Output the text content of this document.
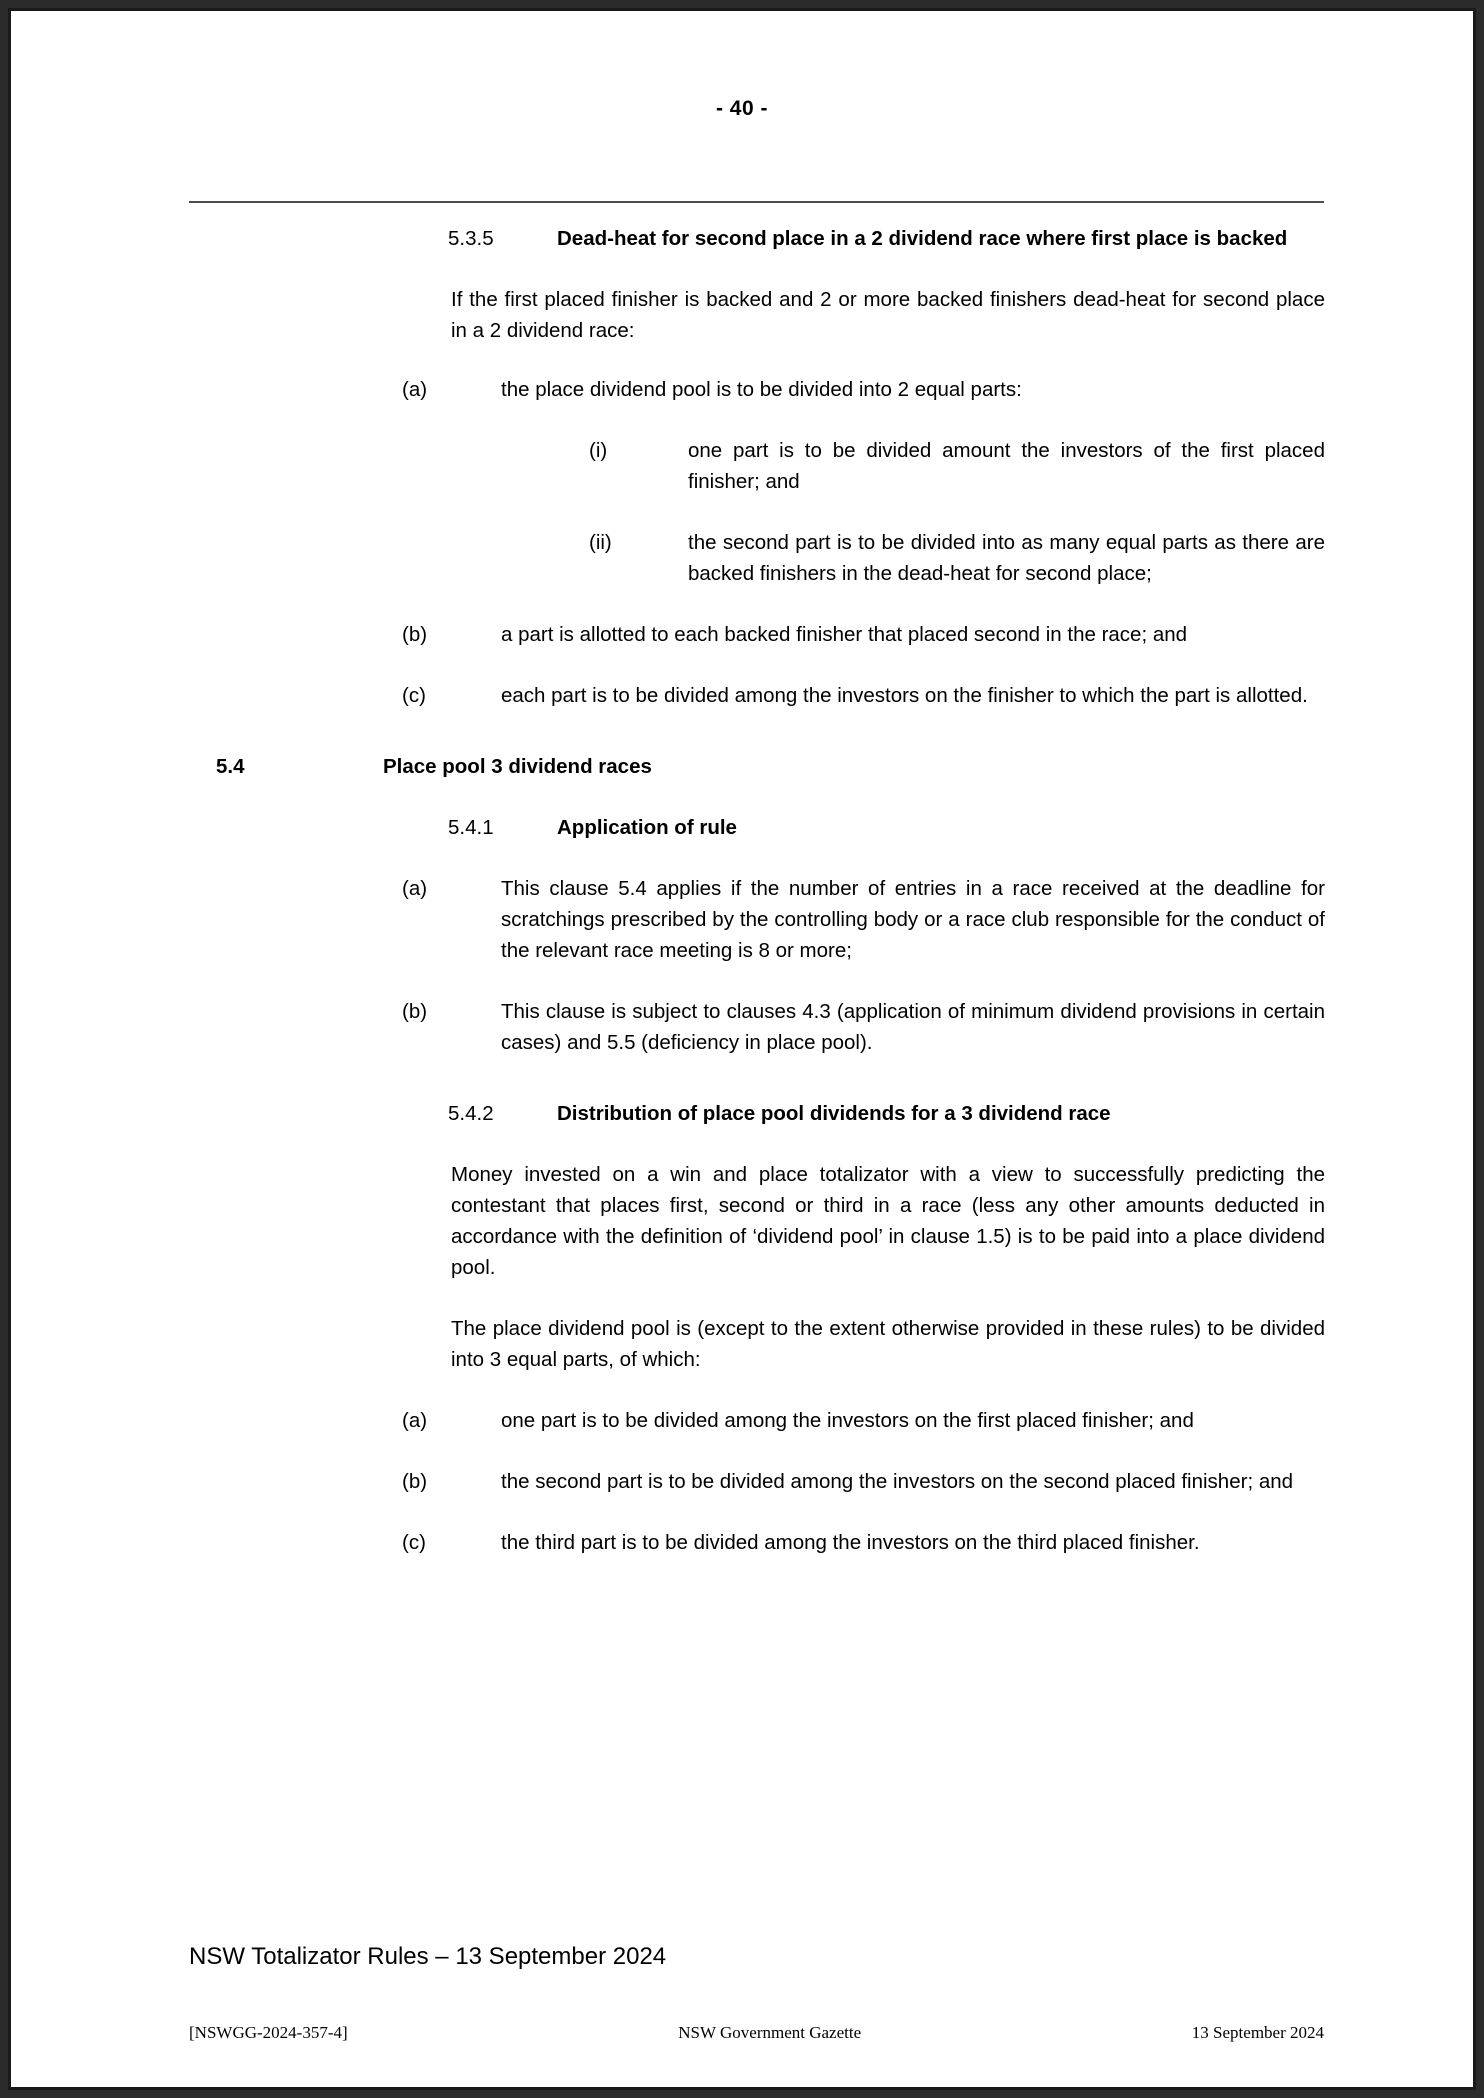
- 40 -
5.3.5	Dead-heat for second place in a 2 dividend race where first place is backed
If the first placed finisher is backed and 2 or more backed finishers dead-heat for second place in a 2 dividend race:
(a)	the place dividend pool is to be divided into 2 equal parts:
(i)	one part is to be divided amount the investors of the first placed finisher; and
(ii)	the second part is to be divided into as many equal parts as there are backed finishers in the dead-heat for second place;
(b)	a part is allotted to each backed finisher that placed second in the race; and
(c)	each part is to be divided among the investors on the finisher to which the part is allotted.
5.4	Place pool 3 dividend races
5.4.1	Application of rule
(a)	This clause 5.4 applies if the number of entries in a race received at the deadline for scratchings prescribed by the controlling body or a race club responsible for the conduct of the relevant race meeting is 8 or more;
(b)	This clause is subject to clauses 4.3 (application of minimum dividend provisions in certain cases) and 5.5 (deficiency in place pool).
5.4.2	Distribution of place pool dividends for a 3 dividend race
Money invested on a win and place totalizator with a view to successfully predicting the contestant that places first, second or third in a race (less any other amounts deducted in accordance with the definition of ‘dividend pool’ in clause 1.5) is to be paid into a place dividend pool.
The place dividend pool is (except to the extent otherwise provided in these rules) to be divided into 3 equal parts, of which:
(a)	one part is to be divided among the investors on the first placed finisher; and
(b)	the second part is to be divided among the investors on the second placed finisher; and
(c)	the third part is to be divided among the investors on the third placed finisher.
NSW Totalizator Rules – 13 September 2024
[NSWGG-2024-357-4]	NSW Government Gazette	13 September 2024
